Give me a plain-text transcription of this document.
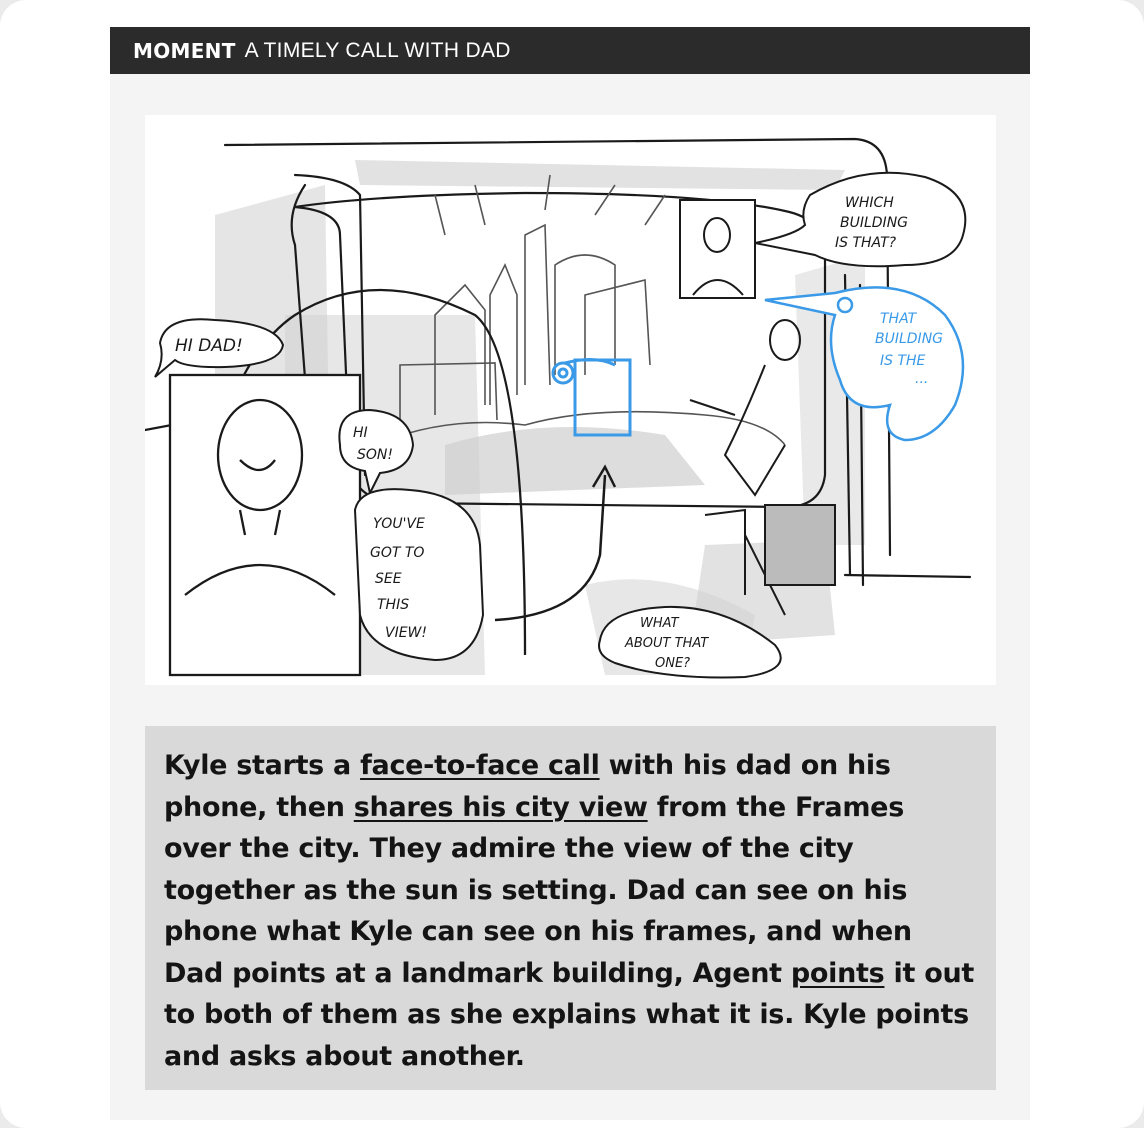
MOMENT A TIMELY CALL WITH DAD
WHICH
BUILDING
IS THAT?
THAT
BUILDING
IS THE
...
HI DAD!
HI
SON!
YOU'VE
GOT TO
SEE
THIS
VIEW!
WHAT
ABOUT THAT
ONE?

Kyle starts a face-to-face call with his dad on his phone, then shares his city view from the Frames over the city. They admire the view of the city together as the sun is setting. Dad can see on his phone what Kyle can see on his frames, and when Dad points at a landmark building, Agent points it out to both of them as she explains what it is. Kyle points and asks about another.
